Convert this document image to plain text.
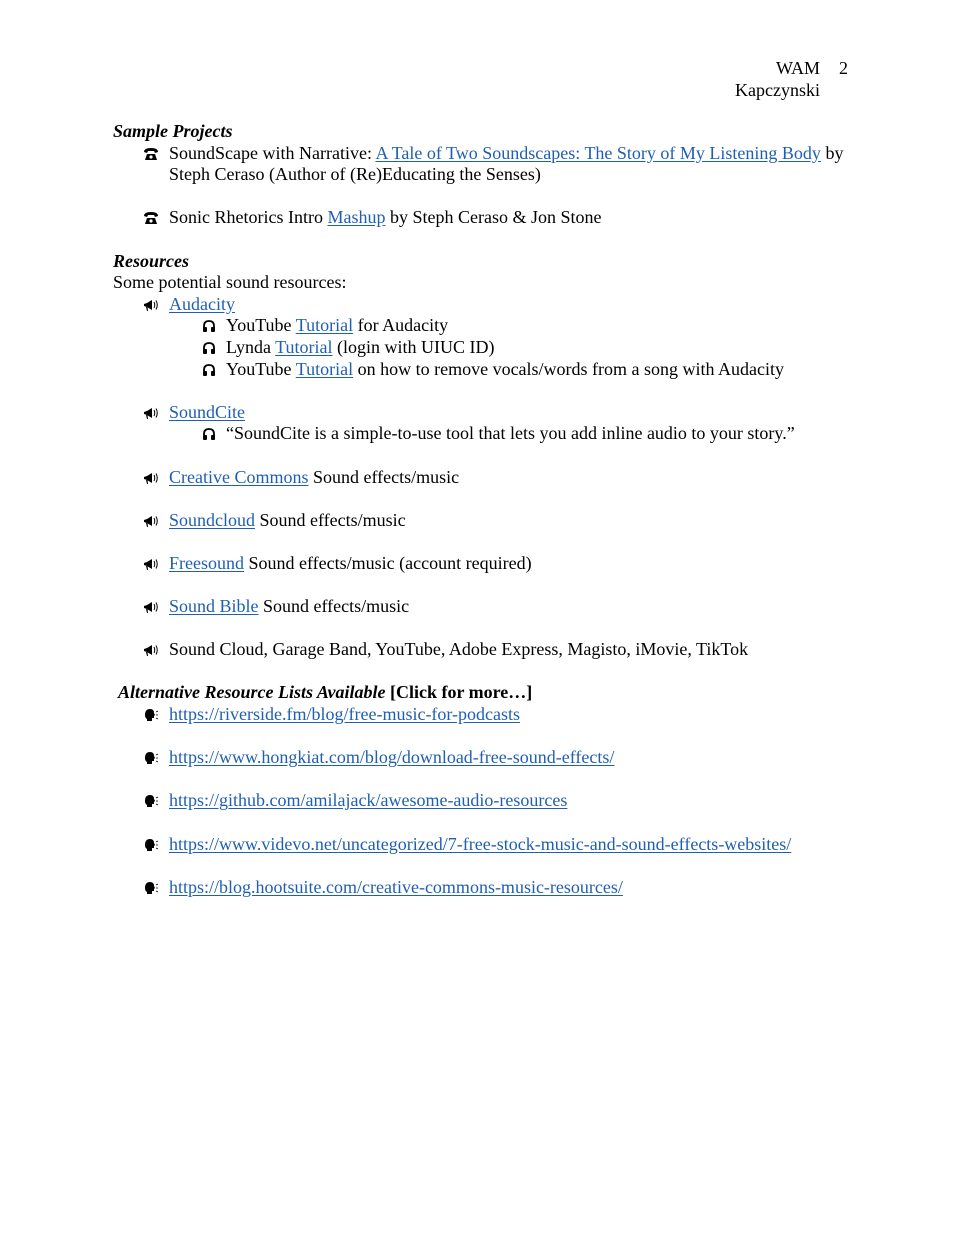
WAM	2
Kapczynski
Sample Projects
SoundScape with Narrative: A Tale of Two Soundscapes: The Story of My Listening Body by Steph Ceraso (Author of (Re)Educating the Senses)
Sonic Rhetorics Intro Mashup by Steph Ceraso & Jon Stone
Resources
Some potential sound resources:
Audacity
YouTube Tutorial for Audacity
Lynda Tutorial (login with UIUC ID)
YouTube Tutorial on how to remove vocals/words from a song with Audacity
SoundCite
“SoundCite is a simple-to-use tool that lets you add inline audio to your story.”
Creative Commons Sound effects/music
Soundcloud Sound effects/music
Freesound Sound effects/music (account required)
Sound Bible Sound effects/music
Sound Cloud, Garage Band, YouTube, Adobe Express, Magisto, iMovie, TikTok
Alternative Resource Lists Available [Click for more…]
https://riverside.fm/blog/free-music-for-podcasts
https://www.hongkiat.com/blog/download-free-sound-effects/
https://github.com/amilajack/awesome-audio-resources
https://www.videvo.net/uncategorized/7-free-stock-music-and-sound-effects-websites/
https://blog.hootsuite.com/creative-commons-music-resources/
